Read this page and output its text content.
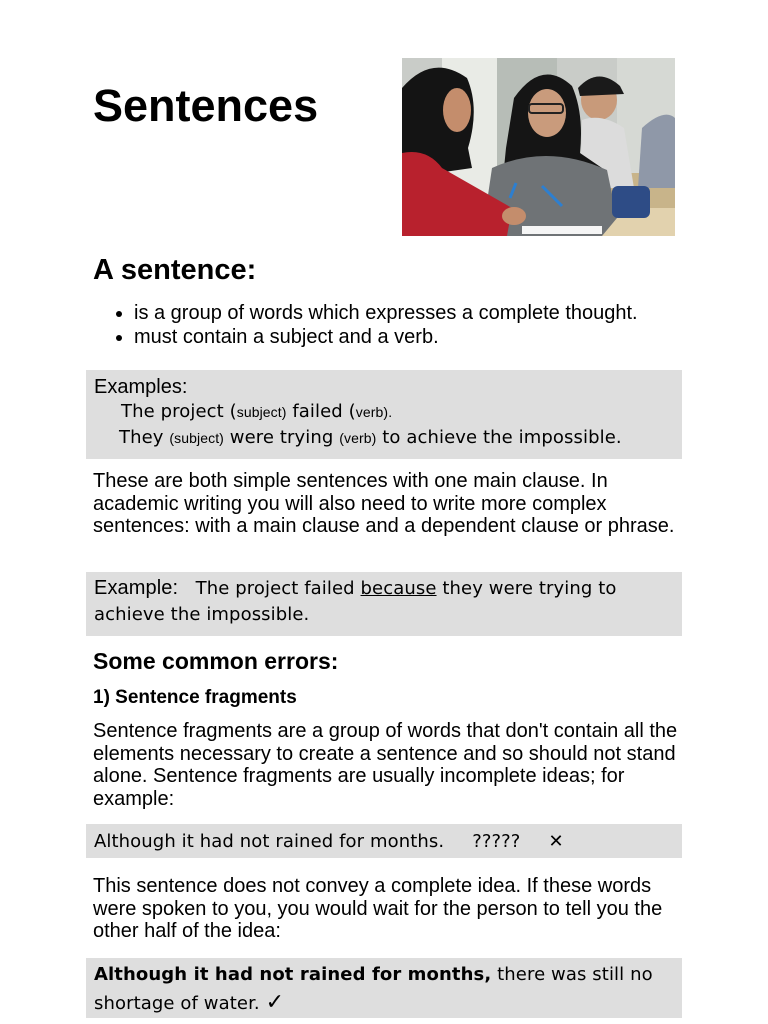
Sentences
A sentence:
• is a group of words which expresses a complete thought.
• must contain a subject and a verb.
Examples:
The project (subject) failed (verb).
They (subject) were trying (verb) to achieve the impossible.

These are both simple sentences with one main clause. In academic writing you will also need to write more complex sentences: with a main clause and a dependent clause or phrase.

Example: The project failed because they were trying to achieve the impossible.
Some common errors:
1) Sentence fragments

Sentence fragments are a group of words that don't contain all the elements necessary to create a sentence and so should not stand alone. Sentence fragments are usually incomplete ideas; for example:

Although it had not rained for months. ????? ✕

This sentence does not convey a complete idea. If these words were spoken to you, you would wait for the person to tell you the other half of the idea:

Although it had not rained for months, there was still no shortage of water. ✓
